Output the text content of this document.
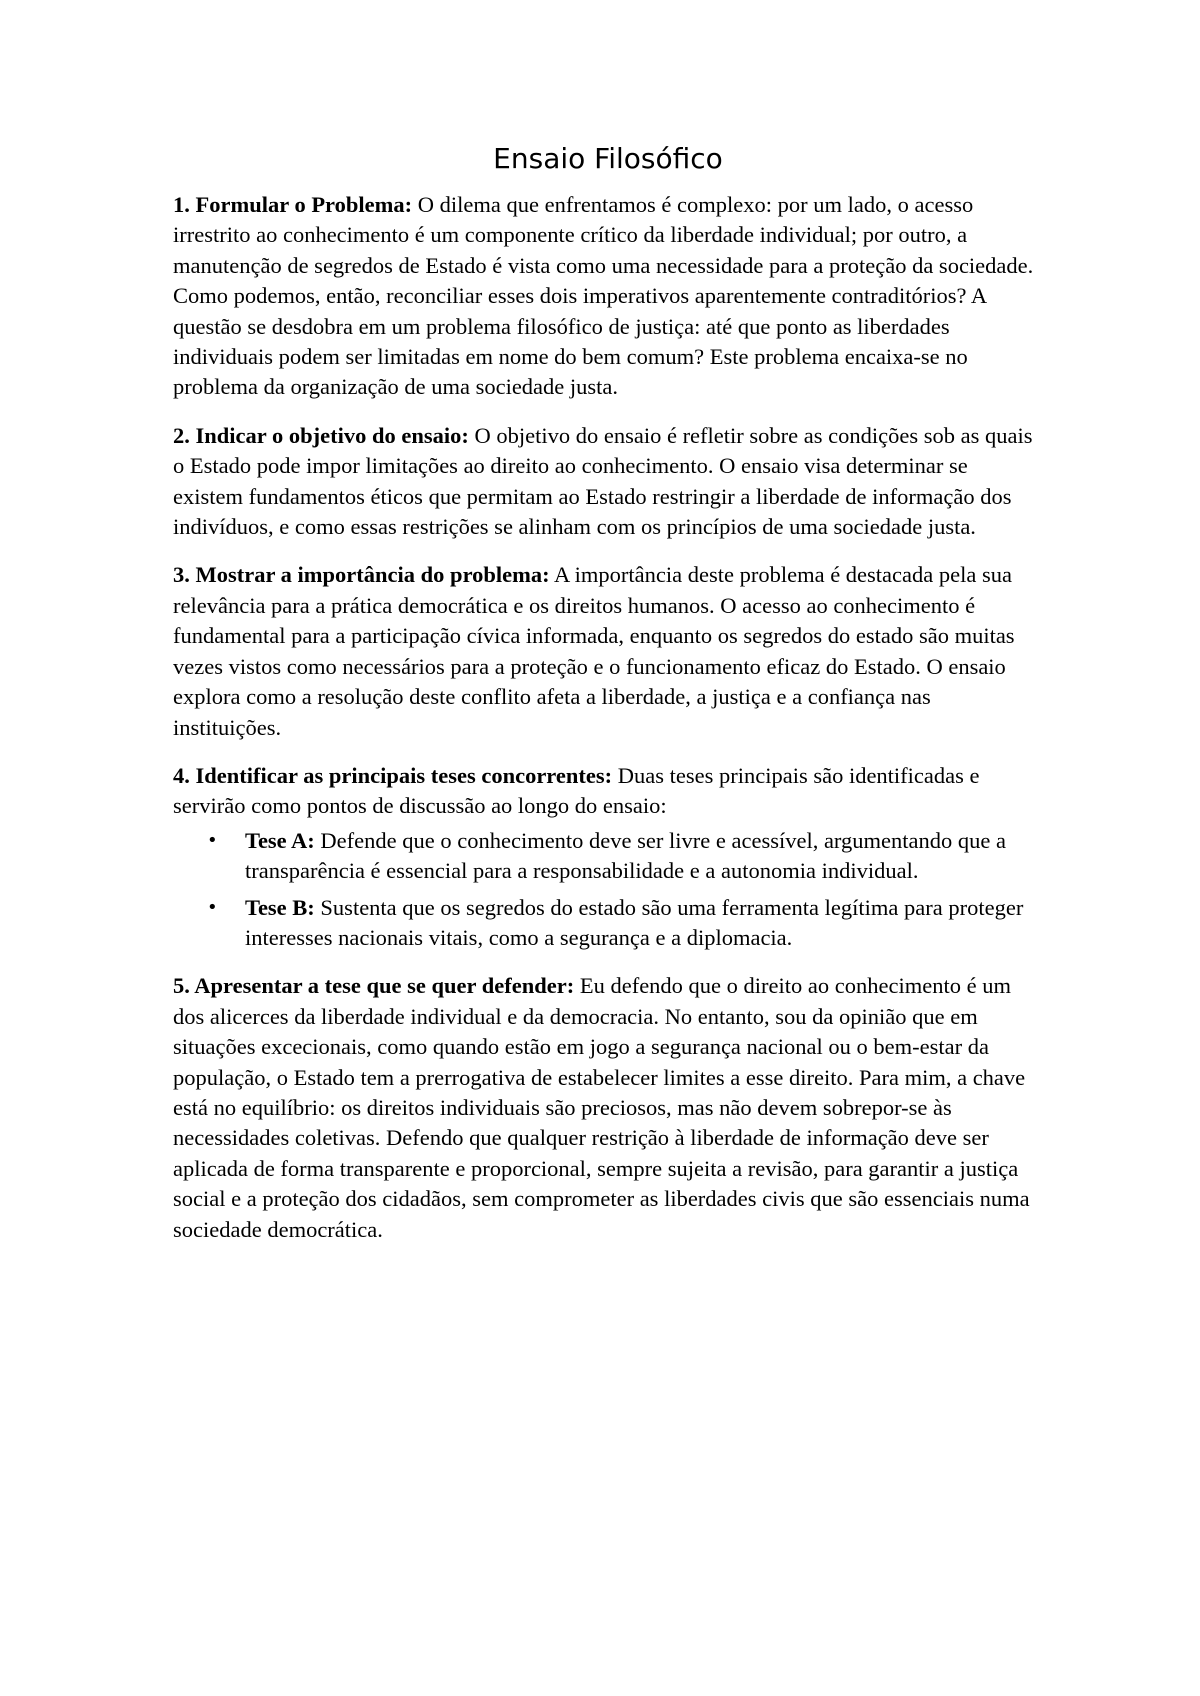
Ensaio Filosófico

1. Formular o Problema: O dilema que enfrentamos é complexo: por um lado, o acesso irrestrito ao conhecimento é um componente crítico da liberdade individual; por outro, a manutenção de segredos de Estado é vista como uma necessidade para a proteção da sociedade. Como podemos, então, reconciliar esses dois imperativos aparentemente contraditórios? A questão se desdobra em um problema filosófico de justiça: até que ponto as liberdades individuais podem ser limitadas em nome do bem comum? Este problema encaixa-se no problema da organização de uma sociedade justa.

2. Indicar o objetivo do ensaio: O objetivo do ensaio é refletir sobre as condições sob as quais o Estado pode impor limitações ao direito ao conhecimento. O ensaio visa determinar se existem fundamentos éticos que permitam ao Estado restringir a liberdade de informação dos indivíduos, e como essas restrições se alinham com os princípios de uma sociedade justa.

3. Mostrar a importância do problema: A importância deste problema é destacada pela sua relevância para a prática democrática e os direitos humanos. O acesso ao conhecimento é fundamental para a participação cívica informada, enquanto os segredos do estado são muitas vezes vistos como necessários para a proteção e o funcionamento eficaz do Estado. O ensaio explora como a resolução deste conflito afeta a liberdade, a justiça e a confiança nas instituições.

4. Identificar as principais teses concorrentes: Duas teses principais são identificadas e servirão como pontos de discussão ao longo do ensaio:

• Tese A: Defende que o conhecimento deve ser livre e acessível, argumentando que a transparência é essencial para a responsabilidade e a autonomia individual.
• Tese B: Sustenta que os segredos do estado são uma ferramenta legítima para proteger interesses nacionais vitais, como a segurança e a diplomacia.

5. Apresentar a tese que se quer defender: Eu defendo que o direito ao conhecimento é um dos alicerces da liberdade individual e da democracia. No entanto, sou da opinião que em situações excecionais, como quando estão em jogo a segurança nacional ou o bem-estar da população, o Estado tem a prerrogativa de estabelecer limites a esse direito. Para mim, a chave está no equilíbrio: os direitos individuais são preciosos, mas não devem sobrepor-se às necessidades coletivas. Defendo que qualquer restrição à liberdade de informação deve ser aplicada de forma transparente e proporcional, sempre sujeita a revisão, para garantir a justiça social e a proteção dos cidadãos, sem comprometer as liberdades civis que são essenciais numa sociedade democrática.
